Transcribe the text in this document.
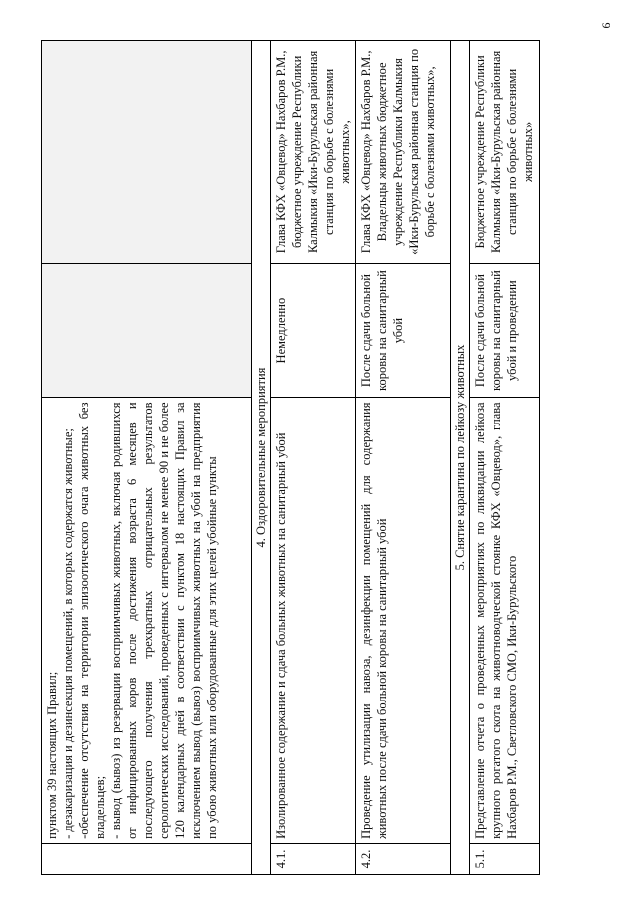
9

	пунктом 39 настоящих Правил; - дезакаризация и дезинсекция помещений, в которых содержатся животные; -обеспечение отсутствия на территории эпизоотического очага животных без владельцев; - вывод (вывоз) из резервации восприимчивых животных, включая родившихся от инфицированных коров после достижения возраста 6 месяцев и последующего получения трехкратных отрицательных результатов серологических исследований, проведенных с интервалом не менее 90 и не более 120 календарных дней в соответствии с пунктом 18 настоящих Правил за исключением вывод (вывоз) восприимчивых животных на убой на предприятия по убою животных или оборудованные для этих целей убойные пункты		

4. Оздоровительные мероприятия			
4.1.	Изолированное содержание и сдача больных животных на санитарный убой	Немедленно	Глава КФХ «Овцевод» Нахбаров Р.М., бюджетное учреждение Республики Калмыкия «Ики-Бурульская районная станция по борьбе с болезнями животных»,
4.2.	Проведение утилизации навоза, дезинфекции помещений для содержания животных после сдачи больной коровы на санитарный убой	После сдачи больной коровы на санитарный убой	Глава КФХ «Овцевод» Нахбаров Р.М., Владельцы животных бюджетное учреждение Республики Калмыкия «Ики-Бурульская районная станция по борьбе с болезнями животных»,
5. Снятие карантина по лейкозу животных			
5.1.	Представление отчета о проведенных мероприятиях по ликвидации лейкоза крупного рогатого скота на животноводческой стоянке КФХ «Овцевод», глава Нахбаров Р.М., Светловского СМО, Ики-Бурульского	После сдачи больной коровы на санитарный убой и проведении	Бюджетное учреждение Республики Калмыкия «Ики-Бурульская районная станция по борьбе с болезнями животных»
